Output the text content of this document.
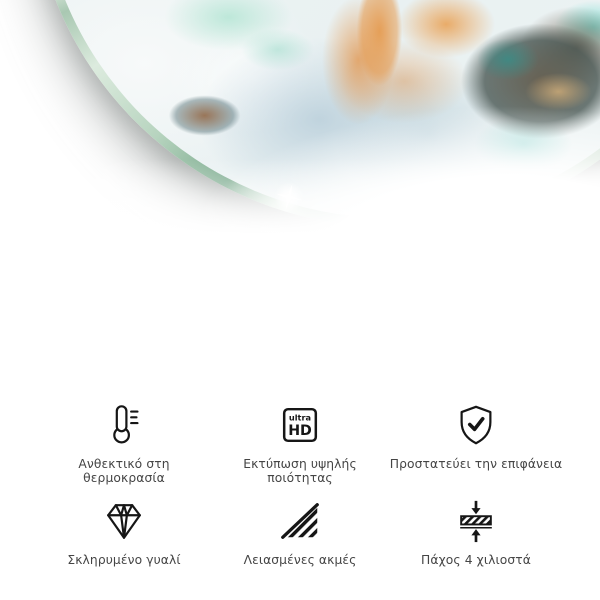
Ανθεκτικό στη θερμοκρασία
ultra
HD
Εκτύπωση υψηλής ποιότητας
Προστατεύει την επιφάνεια
Σκληρυμένο γυαλί	Λειασμένες ακμές	Πάχος 4 χιλιοστά
